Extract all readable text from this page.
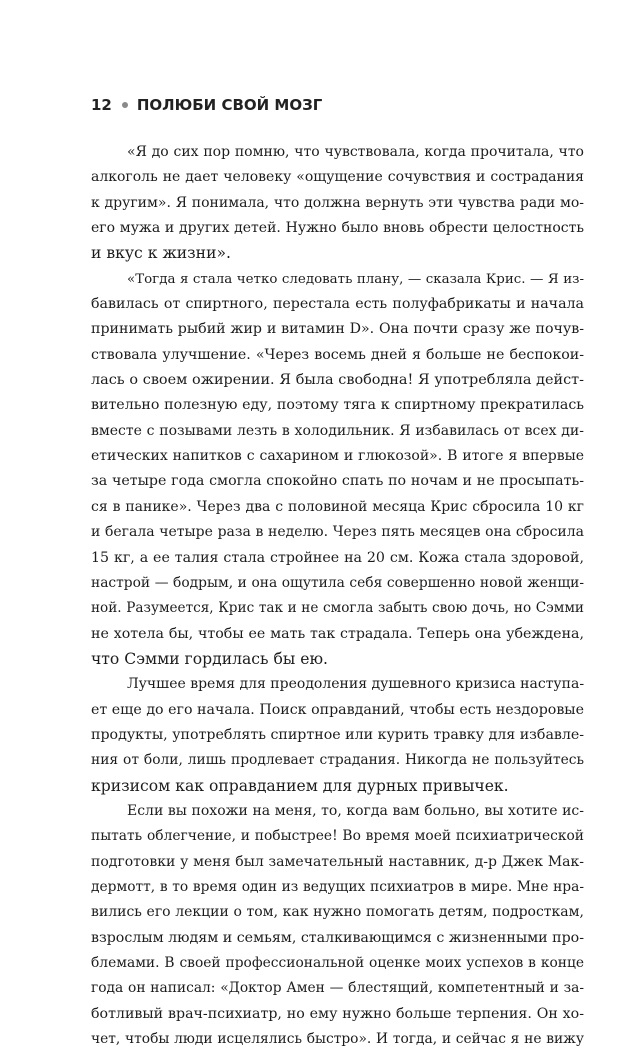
12 ПОЛЮБИ СВОЙ МОЗГ
«Я до сих пор помню, что чувствовала, когда прочитала, что
алкоголь не дает человеку «ощущение сочувствия и сострадания
к другим». Я понимала, что должна вернуть эти чувства ради мо-
его мужа и других детей. Нужно было вновь обрести целостность
и вкус к жизни».
«Тогда я стала четко следовать плану, — сказала Крис. — Я из-
бавилась от спиртного, перестала есть полуфабрикаты и начала
принимать рыбий жир и витамин D». Она почти сразу же почув-
ствовала улучшение. «Через восемь дней я больше не беспокои-
лась о своем ожирении. Я была свободна! Я употребляла дейст-
вительно полезную еду, поэтому тяга к спиртному прекратилась
вместе с позывами лезть в холодильник. Я избавилась от всех ди-
етических напитков с сахарином и глюкозой». В итоге я впервые
за четыре года смогла спокойно спать по ночам и не просыпать-
ся в панике». Через два с половиной месяца Крис сбросила 10 кг
и бегала четыре раза в неделю. Через пять месяцев она сбросила
15 кг, а ее талия стала стройнее на 20 см. Кожа стала здоровой,
настрой — бодрым, и она ощутила себя совершенно новой женщи-
ной. Разумеется, Крис так и не смогла забыть свою дочь, но Сэмми
не хотела бы, чтобы ее мать так страдала. Теперь она убеждена,
что Сэмми гордилась бы ею.
Лучшее время для преодоления душевного кризиса наступа-
ет еще до его начала. Поиск оправданий, чтобы есть нездоровые
продукты, употреблять спиртное или курить травку для избавле-
ния от боли, лишь продлевает страдания. Никогда не пользуйтесь
кризисом как оправданием для дурных привычек.
Если вы похожи на меня, то, когда вам больно, вы хотите ис-
пытать облегчение, и побыстрее! Во время моей психиатрической
подготовки у меня был замечательный наставник, д-р Джек Мак-
дермотт, в то время один из ведущих психиатров в мире. Мне нра-
вились его лекции о том, как нужно помогать детям, подросткам,
взрослым людям и семьям, сталкивающимся с жизненными про-
блемами. В своей профессиональной оценке моих успехов в конце
года он написал: «Доктор Амен — блестящий, компетентный и за-
ботливый врач-психиатр, но ему нужно больше терпения. Он хо-
чет, чтобы люди исцелялись быстро». И тогда, и сейчас я не вижу
